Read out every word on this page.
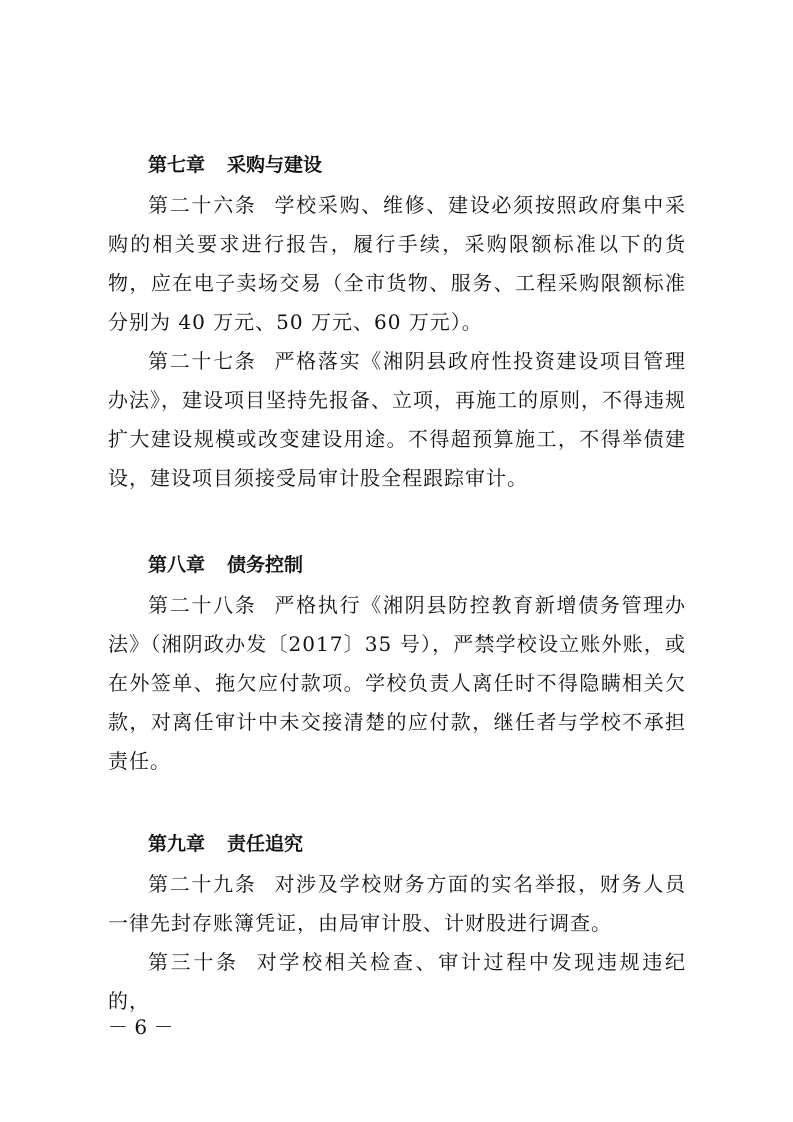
第七章 采购与建设

第二十六条 学校采购、维修、建设必须按照政府集中采购的相关要求进行报告，履行手续，采购限额标准以下的货物，应在电子卖场交易（全市货物、服务、工程采购限额标准分别为 40 万元、50 万元、60 万元）。

第二十七条 严格落实《湘阴县政府性投资建设项目管理办法》，建设项目坚持先报备、立项，再施工的原则，不得违规扩大建设规模或改变建设用途。不得超预算施工，不得举债建设，建设项目须接受局审计股全程跟踪审计。

第八章 债务控制

第二十八条 严格执行《湘阴县防控教育新增债务管理办法》（湘阴政办发〔2017〕35 号），严禁学校设立账外账，或在外签单、拖欠应付款项。学校负责人离任时不得隐瞒相关欠款，对离任审计中未交接清楚的应付款，继任者与学校不承担责任。

第九章 责任追究

第二十九条 对涉及学校财务方面的实名举报，财务人员一律先封存账簿凭证，由局审计股、计财股进行调查。

第三十条 对学校相关检查、审计过程中发现违规违纪的，

－ 6 －
